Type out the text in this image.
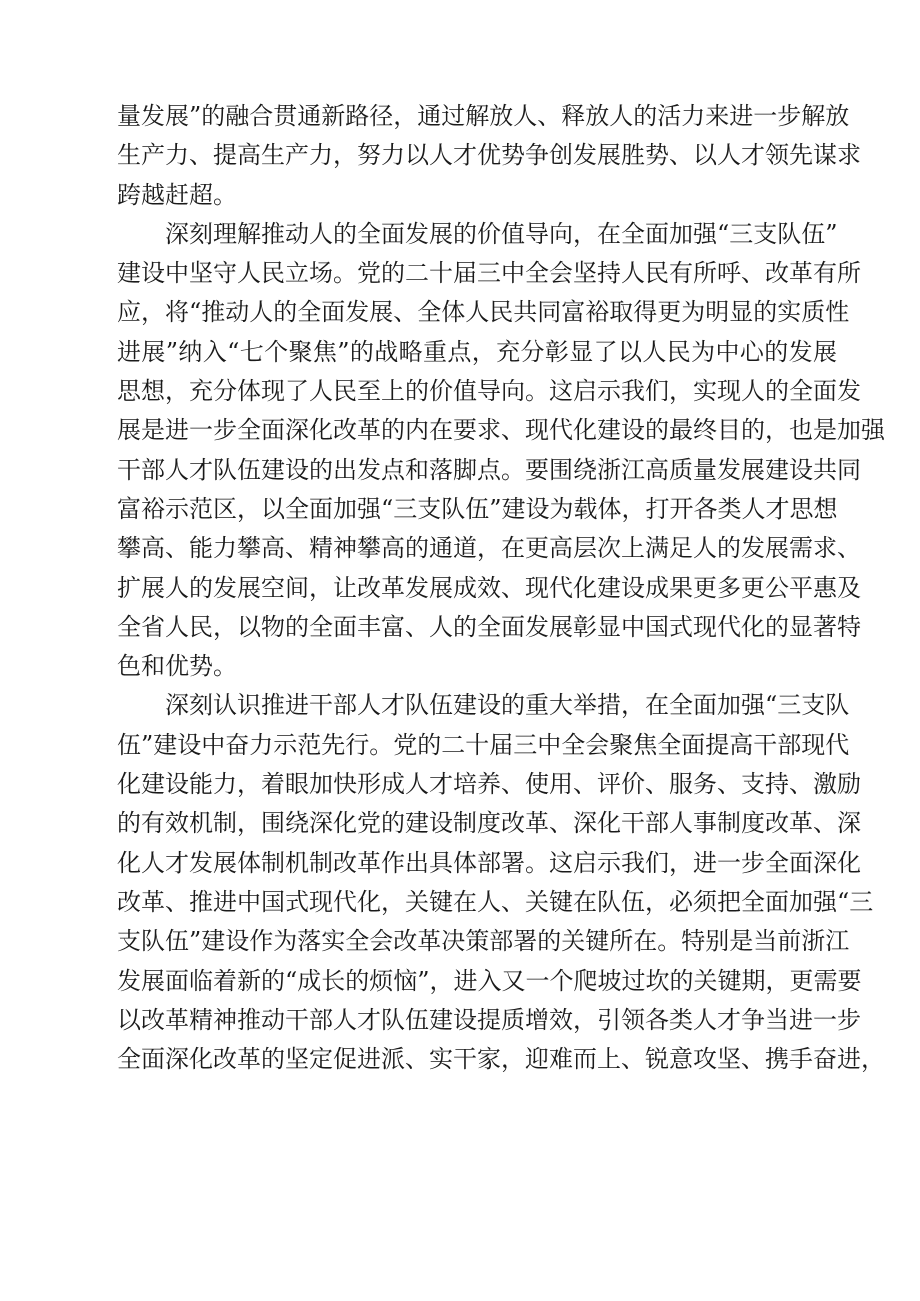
量发展”的融合贯通新路径，通过解放人、释放人的活力来进一步解放
生产力、提高生产力，努力以人才优势争创发展胜势、以人才领先谋求
跨越赶超。
深刻理解推动人的全面发展的价值导向，在全面加强“三支队伍”
建设中坚守人民立场。党的二十届三中全会坚持人民有所呼、改革有所
应，将“推动人的全面发展、全体人民共同富裕取得更为明显的实质性
进展”纳入“七个聚焦”的战略重点，充分彰显了以人民为中心的发展
思想，充分体现了人民至上的价值导向。这启示我们，实现人的全面发
展是进一步全面深化改革的内在要求、现代化建设的最终目的，也是加强
干部人才队伍建设的出发点和落脚点。要围绕浙江高质量发展建设共同
富裕示范区，以全面加强“三支队伍”建设为载体，打开各类人才思想
攀高、能力攀高、精神攀高的通道，在更高层次上满足人的发展需求、
扩展人的发展空间，让改革发展成效、现代化建设成果更多更公平惠及
全省人民，以物的全面丰富、人的全面发展彰显中国式现代化的显著特
色和优势。
深刻认识推进干部人才队伍建设的重大举措，在全面加强“三支队
伍”建设中奋力示范先行。党的二十届三中全会聚焦全面提高干部现代
化建设能力，着眼加快形成人才培养、使用、评价、服务、支持、激励
的有效机制，围绕深化党的建设制度改革、深化干部人事制度改革、深
化人才发展体制机制改革作出具体部署。这启示我们，进一步全面深化
改革、推进中国式现代化，关键在人、关键在队伍，必须把全面加强“三
支队伍”建设作为落实全会改革决策部署的关键所在。特别是当前浙江
发展面临着新的“成长的烦恼”，进入又一个爬坡过坎的关键期，更需要
以改革精神推动干部人才队伍建设提质增效，引领各类人才争当进一步
全面深化改革的坚定促进派、实干家，迎难而上、锐意攻坚、携手奋进，
